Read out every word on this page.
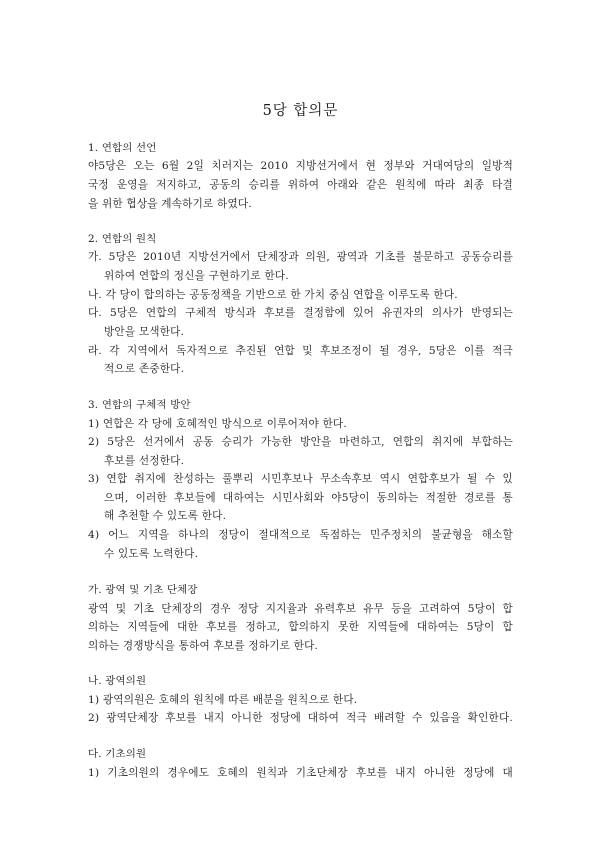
5당 합의문
1. 연합의 선언
야5당은 오는 6월 2일 치러지는 2010 지방선거에서 현 정부와 거대여당의 일방적
국정 운영을 저지하고, 공동의 승리를 위하여 아래와 같은 원칙에 따라 최종 타결
을 위한 협상을 계속하기로 하였다.
2. 연합의 원칙
가. 5당은 2010년 지방선거에서 단체장과 의원, 광역과 기초를 불문하고 공동승리를
위하여 연합의 정신을 구현하기로 한다.
나. 각 당이 합의하는 공동정책을 기반으로 한 가치 중심 연합을 이루도록 한다.
다. 5당은 연합의 구체적 방식과 후보를 결정함에 있어 유권자의 의사가 반영되는
방안을 모색한다.
라. 각 지역에서 독자적으로 추진된 연합 및 후보조정이 될 경우, 5당은 이를 적극
적으로 존중한다.
3. 연합의 구체적 방안
1) 연합은 각 당에 호혜적인 방식으로 이루어져야 한다.
2) 5당은 선거에서 공동 승리가 가능한 방안을 마련하고, 연합의 취지에 부합하는
후보를 선정한다.
3) 연합 취지에 찬성하는 풀뿌리 시민후보나 무소속후보 역시 연합후보가 될 수 있
으며, 이러한 후보들에 대하여는 시민사회와 야5당이 동의하는 적절한 경로를 통
해 추천할 수 있도록 한다.
4) 어느 지역을 하나의 정당이 절대적으로 독점하는 민주정치의 불균형을 해소할
수 있도록 노력한다.
가. 광역 및 기초 단체장
광역 및 기초 단체장의 경우 정당 지지율과 유력후보 유무 등을 고려하여 5당이 합
의하는 지역들에 대한 후보를 정하고, 합의하지 못한 지역들에 대하여는 5당이 합
의하는 경쟁방식을 통하여 후보를 정하기로 한다.
나. 광역의원
1) 광역의원은 호혜의 원칙에 따른 배분을 원칙으로 한다.
2) 광역단체장 후보를 내지 아니한 정당에 대하여 적극 배려할 수 있음을 확인한다.
다. 기초의원
1) 기초의원의 경우에도 호혜의 원칙과 기초단체장 후보를 내지 아니한 정당에 대
